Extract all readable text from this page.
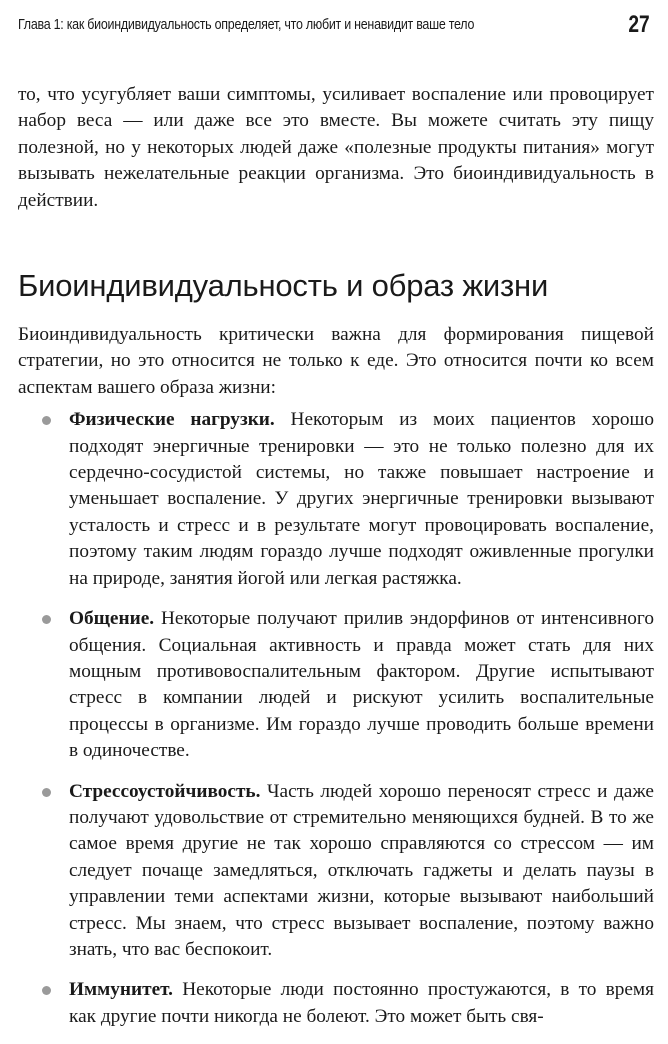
Глава 1: как биоиндивидуальность определяет, что любит и ненавидит ваше тело	27

то, что усугубляет ваши симптомы, усиливает воспаление или провоцирует набор веса — или даже все это вместе. Вы можете считать эту пищу полезной, но у некоторых людей даже «полезные продукты питания» могут вызывать нежелательные реакции организма. Это биоиндивидуальность в действии.

Биоиндивидуальность и образ жизни

Биоиндивидуальность критически важна для формирования пищевой стратегии, но это относится не только к еде. Это относится почти ко всем аспектам вашего образа жизни:

Физические нагрузки. Некоторым из моих пациентов хорошо подходят энергичные тренировки — это не только полезно для их сердечно-сосудистой системы, но также повышает настроение и уменьшает воспаление. У других энергичные тренировки вызывают усталость и стресс и в результате могут провоцировать воспаление, поэтому таким людям гораздо лучше подходят оживленные прогулки на природе, занятия йогой или легкая растяжка.
Общение. Некоторые получают прилив эндорфинов от интенсивного общения. Социальная активность и правда может стать для них мощным противовоспалительным фактором. Другие испытывают стресс в компании людей и рискуют усилить воспалительные процессы в организме. Им гораздо лучше проводить больше времени в одиночестве.
Стрессоустойчивость. Часть людей хорошо переносят стресс и даже получают удовольствие от стремительно меняющихся будней. В то же самое время другие не так хорошо справляются со стрессом — им следует почаще замедляться, отключать гаджеты и делать паузы в управлении теми аспектами жизни, которые вызывают наибольший стресс. Мы знаем, что стресс вызывает воспаление, поэтому важно знать, что вас беспокоит.
Иммунитет. Некоторые люди постоянно простужаются, в то время как другие почти никогда не болеют. Это может быть свя-
